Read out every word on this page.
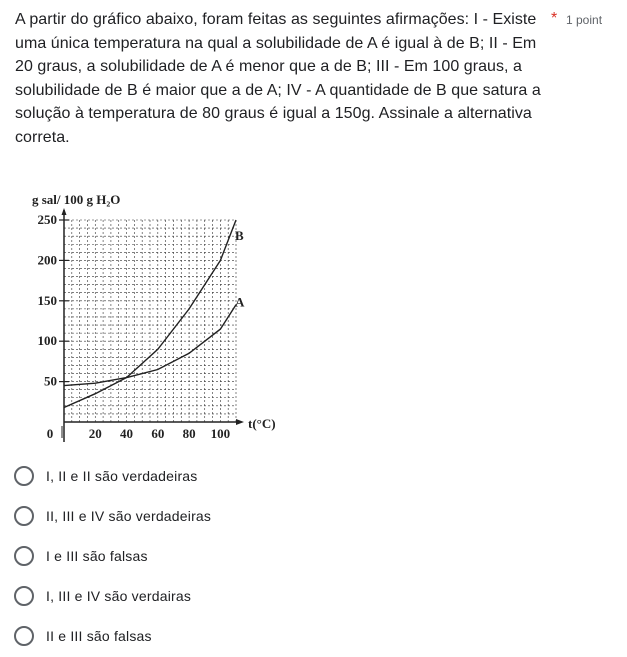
A partir do gráfico abaixo, foram feitas as seguintes afirmações: I - Existe uma única temperatura na qual a solubilidade de A é igual à de B; II - Em 20 graus, a solubilidade de A é menor que a de B; III - Em 100 graus, a solubilidade de B é maior que a de A; IV - A quantidade de B que satura a solução à temperatura de 80 graus é igual a 150g. Assinale a alternativa correta.
* 1 point
0	20 40 60 80 100
50
100
150
200
250
A
B
g sal/ 100 g H₂O
t(°C)
I, II e II são verdadeiras
II, III e IV são verdadeiras
I e III são falsas
I, III e IV são verdairas
II e III são falsas
